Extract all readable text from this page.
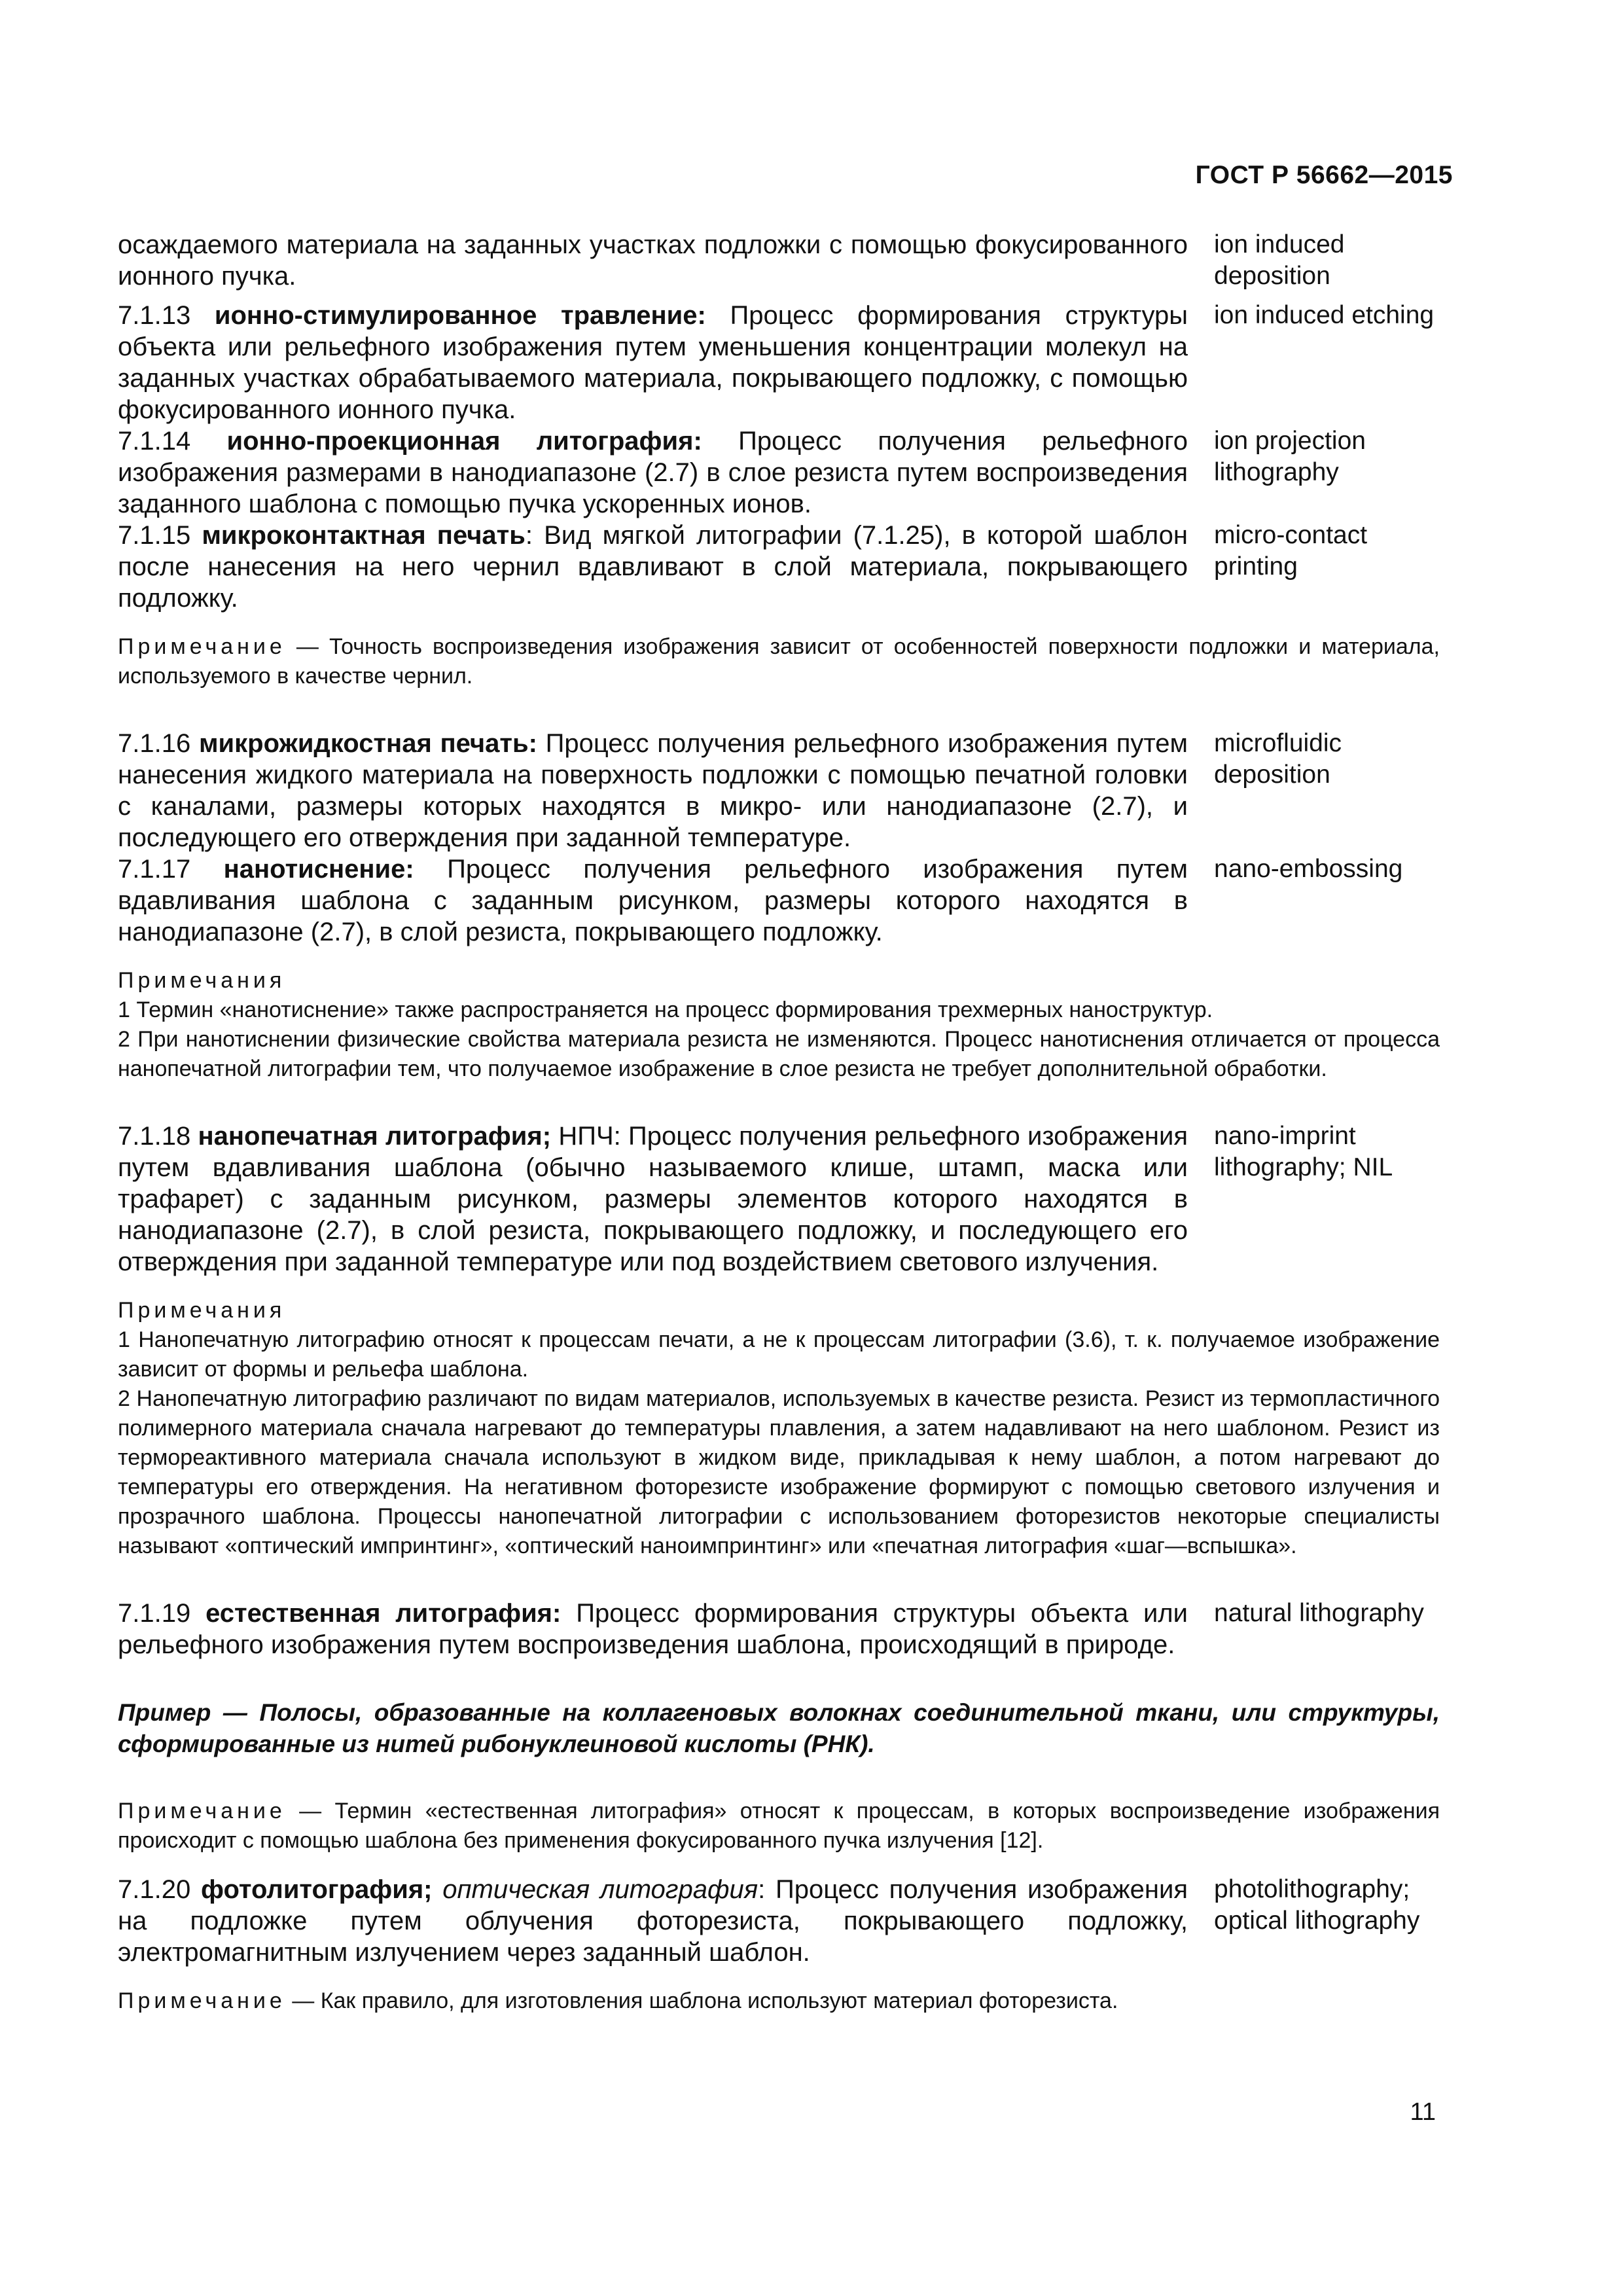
ГОСТ Р 56662—2015
осаждаемого материала на заданных участках подложки с помощью фокусированного ионного пучка.
ion induced deposition
7.1.13 ионно-стимулированное травление: Процесс формирования структуры объекта или рельефного изображения путем уменьшения концентрации молекул на заданных участках обрабатываемого материала, покрывающего подложку, с помощью фокусированного ионного пучка.
ion induced etching
7.1.14 ионно-проекционная литография: Процесс получения рельефного изображения размерами в нанодиапазоне (2.7) в слое резиста путем воспроизведения заданного шаблона с помощью пучка ускоренных ионов.
ion projection lithography
7.1.15 микроконтактная печать: Вид мягкой литографии (7.1.25), в которой шаблон после нанесения на него чернил вдавливают в слой материала, покрывающего подложку.
micro-contact printing
Примечание — Точность воспроизведения изображения зависит от особенностей поверхности подложки и материала, используемого в качестве чернил.
7.1.16 микрожидкостная печать: Процесс получения рельефного изображения путем нанесения жидкого материала на поверхность подложки с помощью печатной головки с каналами, размеры которых находятся в микро- или нанодиапазоне (2.7), и последующего его отверждения при заданной температуре.
microfluidic deposition
7.1.17 нанотиснение: Процесс получения рельефного изображения путем вдавливания шаблона с заданным рисунком, размеры которого находятся в нанодиапазоне (2.7), в слой резиста, покрывающего подложку.
nano-embossing
Примечания
1 Термин «нанотиснение» также распространяется на процесс формирования трехмерных наноструктур.
2 При нанотиснении физические свойства материала резиста не изменяются. Процесс нанотиснения отличается от процесса нанопечатной литографии тем, что получаемое изображение в слое резиста не требует дополнительной обработки.
7.1.18 нанопечатная литография; НПЧ: Процесс получения рельефного изображения путем вдавливания шаблона (обычно называемого клише, штамп, маска или трафарет) с заданным рисунком, размеры элементов которого находятся в нанодиапазоне (2.7), в слой резиста, покрывающего подложку, и последующего его отверждения при заданной температуре или под воздействием светового излучения.
nano-imprint lithography; NIL
Примечания
1 Нанопечатную литографию относят к процессам печати, а не к процессам литографии (3.6), т. к. получаемое изображение зависит от формы и рельефа шаблона.
2 Нанопечатную литографию различают по видам материалов, используемых в качестве резиста. Резист из термопластичного полимерного материала сначала нагревают до температуры плавления, а затем надавливают на него шаблоном. Резист из термореактивного материала сначала используют в жидком виде, прикладывая к нему шаблон, а потом нагревают до температуры его отверждения. На негативном фоторезисте изображение формируют с помощью светового излучения и прозрачного шаблона. Процессы нанопечатной литографии с использованием фоторезистов некоторые специалисты называют «оптический импринтинг», «оптический наноимпринтинг» или «печатная литография «шаг—вспышка».
7.1.19 естественная литография: Процесс формирования структуры объекта или рельефного изображения путем воспроизведения шаблона, происходящий в природе.
natural lithography
Пример — Полосы, образованные на коллагеновых волокнах соединительной ткани, или структуры, сформированные из нитей рибонуклеиновой кислоты (РНК).
Примечание — Термин «естественная литография» относят к процессам, в которых воспроизведение изображения происходит с помощью шаблона без применения фокусированного пучка излучения [12].
7.1.20 фотолитография; оптическая литография: Процесс получения изображения на подложке путем облучения фоторезиста, покрывающего подложку, электромагнитным излучением через заданный шаблон.
photolithography; optical lithography
Примечание — Как правило, для изготовления шаблона используют материал фоторезиста.
11
